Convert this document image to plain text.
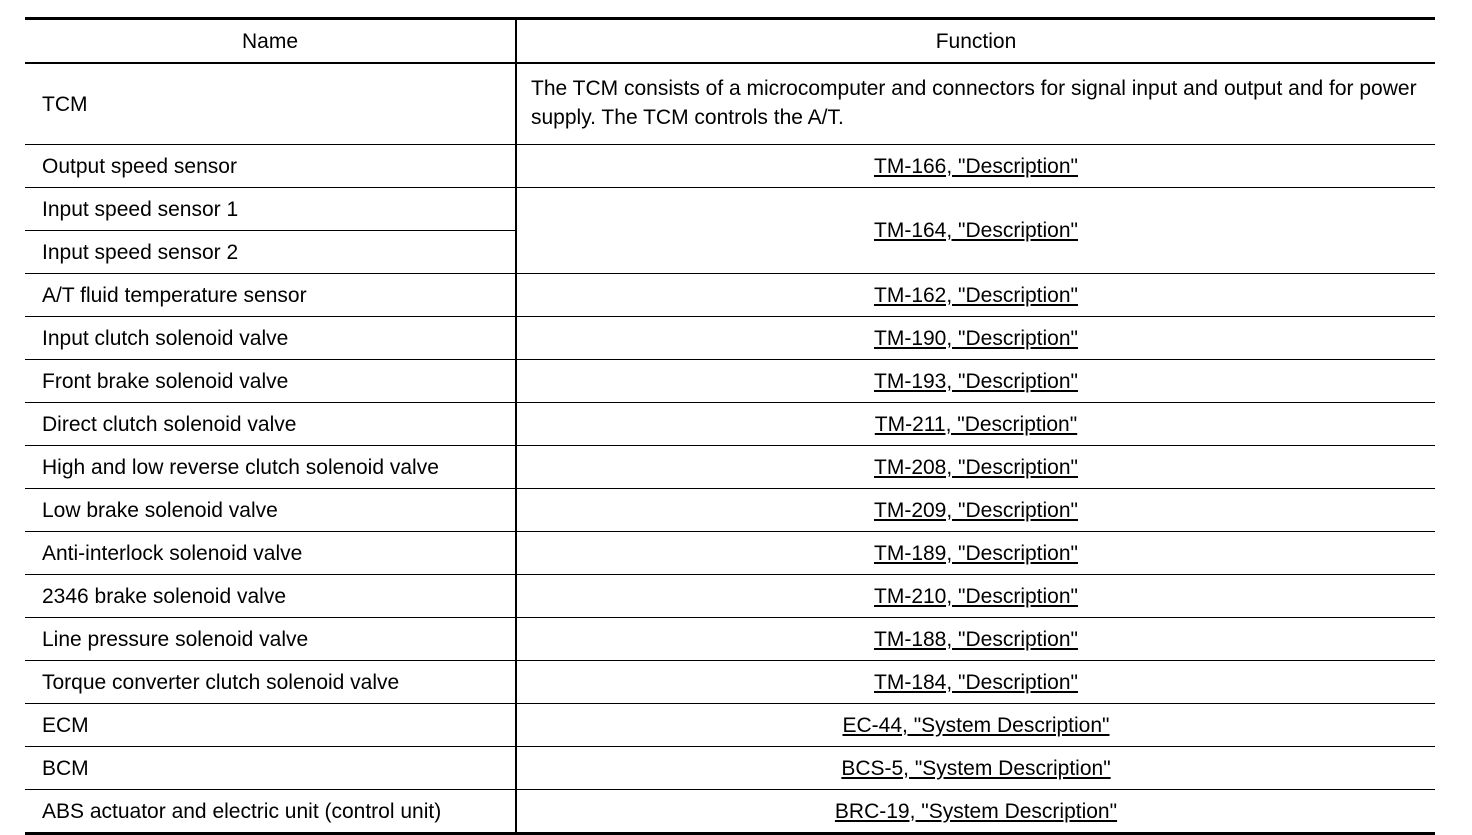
Name	Function
TCM	The TCM consists of a microcomputer and connectors for signal input and output and for power supply. The TCM controls the A/T.
Output speed sensor	TM-166, "Description"
Input speed sensor 1	TM-164, "Description"
Input speed sensor 2	
A/T fluid temperature sensor	TM-162, "Description"
Input clutch solenoid valve	TM-190, "Description"
Front brake solenoid valve	TM-193, "Description"
Direct clutch solenoid valve	TM-211, "Description"
High and low reverse clutch solenoid valve	TM-208, "Description"
Low brake solenoid valve	TM-209, "Description"
Anti-interlock solenoid valve	TM-189, "Description"
2346 brake solenoid valve	TM-210, "Description"
Line pressure solenoid valve	TM-188, "Description"
Torque converter clutch solenoid valve	TM-184, "Description"
ECM	EC-44, "System Description"
BCM	BCS-5, "System Description"
ABS actuator and electric unit (control unit)	BRC-19, "System Description"
